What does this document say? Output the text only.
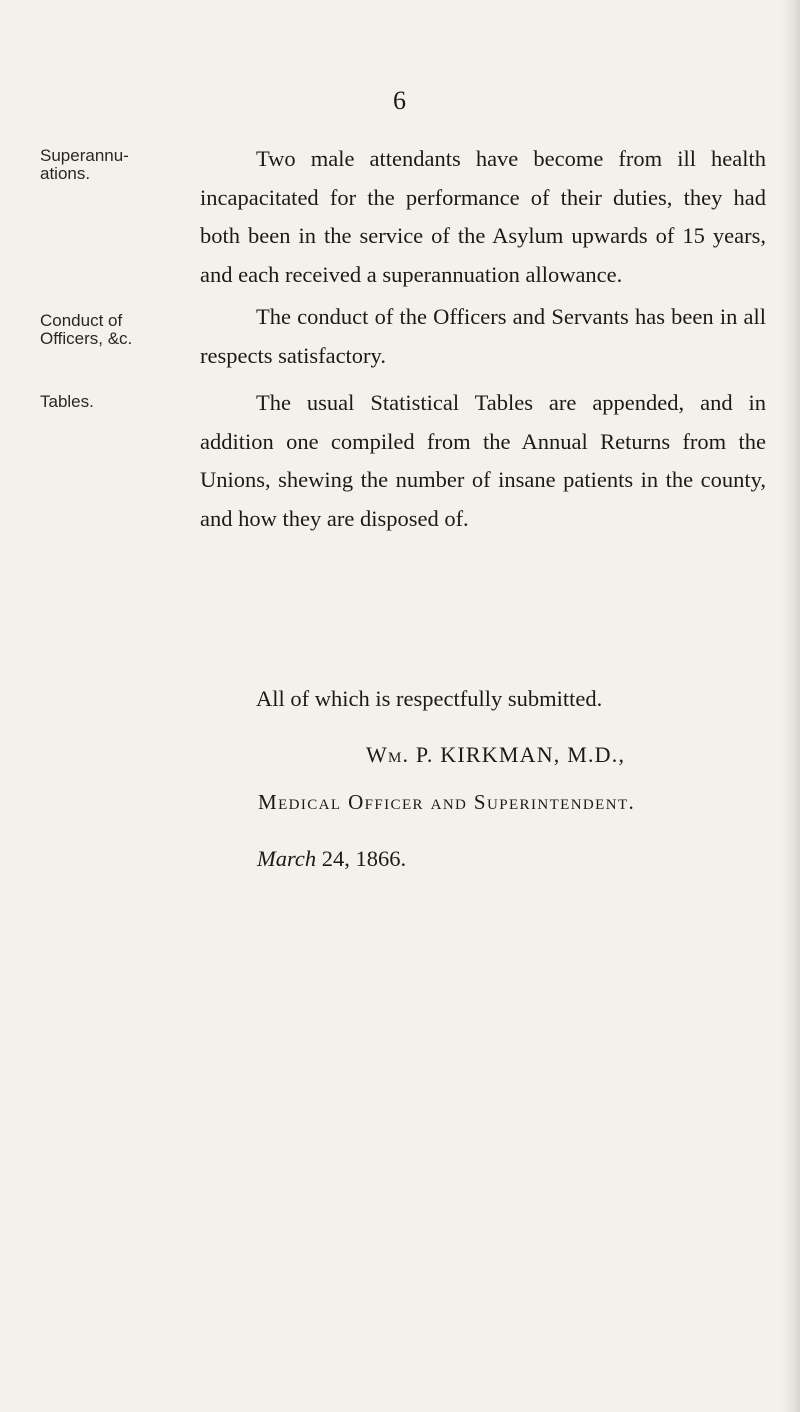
6
Superannu-
ations.

Two male attendants have become from ill health incapacitated for the performance of their duties, they had both been in the service of the Asylum upwards of 15 years, and each received a superannuation allowance.

Conduct of
Officers, &c.

The conduct of the Officers and Servants has been in all respects satisfactory.

Tables.	The usual Statistical Tables are appended, and in addition one compiled from the Annual Returns from the Unions, shewing the number of insane patients in the county, and how they are disposed of.

All of which is respectfully submitted.
Wm. P. KIRKMAN, M.D.,
Medical Officer and Superintendent.
March 24, 1866.
